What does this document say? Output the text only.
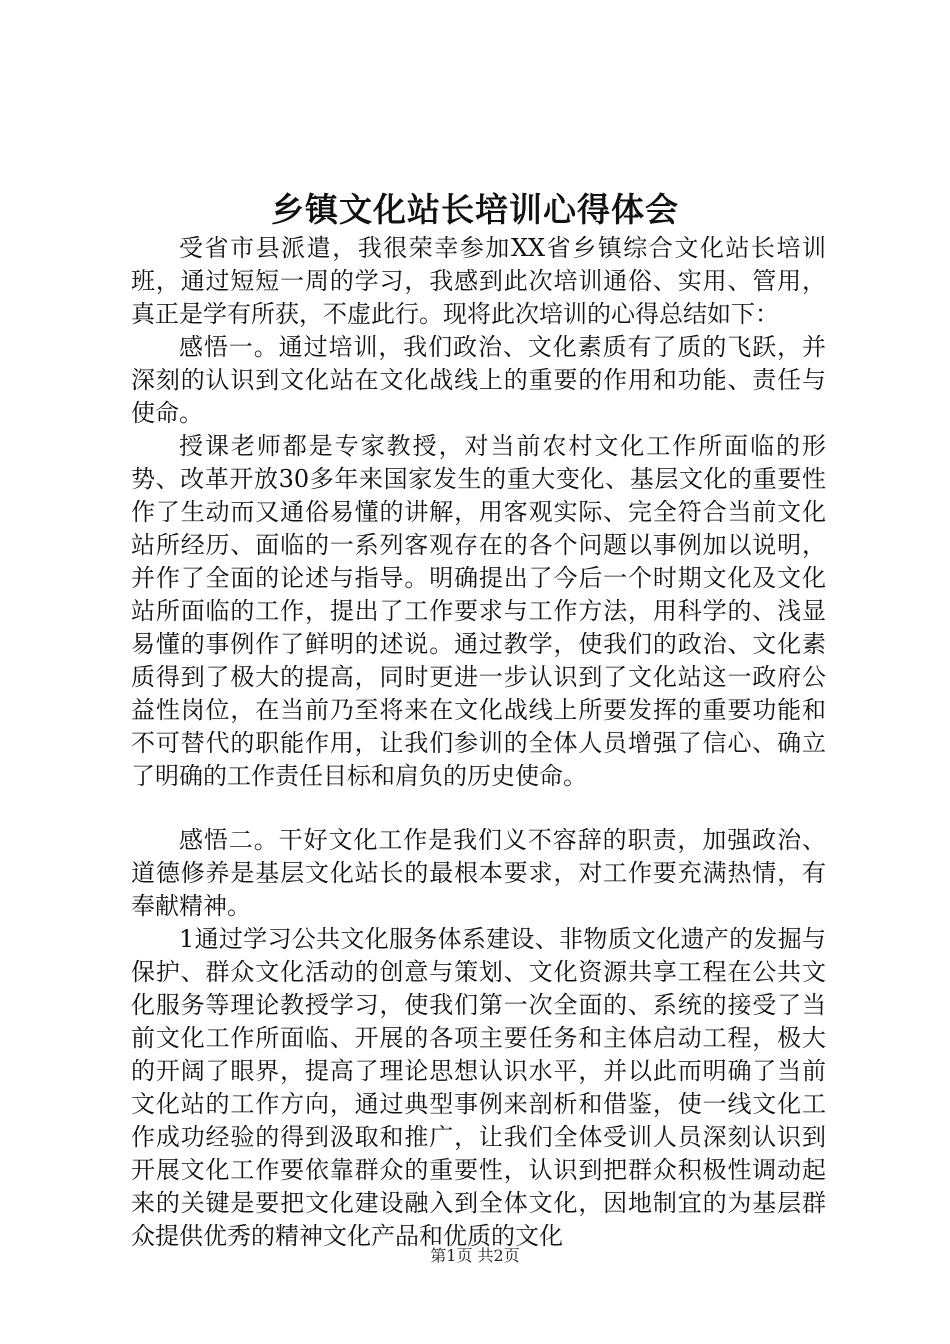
乡镇文化站长培训心得体会

受省市县派遣，我很荣幸参加XX省乡镇综合文化站长培训班，通过短短一周的学习，我感到此次培训通俗、实用、管用，真正是学有所获，不虚此行。现将此次培训的心得总结如下：

感悟一。通过培训，我们政治、文化素质有了质的飞跃，并深刻的认识到文化站在文化战线上的重要的作用和功能、责任与使命。

授课老师都是专家教授，对当前农村文化工作所面临的形势、改革开放30多年来国家发生的重大变化、基层文化的重要性作了生动而又通俗易懂的讲解，用客观实际、完全符合当前文化站所经历、面临的一系列客观存在的各个问题以事例加以说明，并作了全面的论述与指导。明确提出了今后一个时期文化及文化站所面临的工作，提出了工作要求与工作方法，用科学的、浅显易懂的事例作了鲜明的述说。通过教学，使我们的政治、文化素质得到了极大的提高，同时更进一步认识到了文化站这一政府公益性岗位，在当前乃至将来在文化战线上所要发挥的重要功能和不可替代的职能作用，让我们参训的全体人员增强了信心、确立了明确的工作责任目标和肩负的历史使命。

感悟二。干好文化工作是我们义不容辞的职责，加强政治、道德修养是基层文化站长的最根本要求，对工作要充满热情，有奉献精神。

1通过学习公共文化服务体系建设、非物质文化遗产的发掘与保护、群众文化活动的创意与策划、文化资源共享工程在公共文化服务等理论教授学习，使我们第一次全面的、系统的接受了当前文化工作所面临、开展的各项主要任务和主体启动工程，极大的开阔了眼界，提高了理论思想认识水平，并以此而明确了当前文化站的工作方向，通过典型事例来剖析和借鉴，使一线文化工作成功经验的得到汲取和推广，让我们全体受训人员深刻认识到开展文化工作要依靠群众的重要性，认识到把群众积极性调动起来的关键是要把文化建设融入到全体文化，因地制宜的为基层群众提供优秀的精神文化产品和优质的文化

第1页 共2页
